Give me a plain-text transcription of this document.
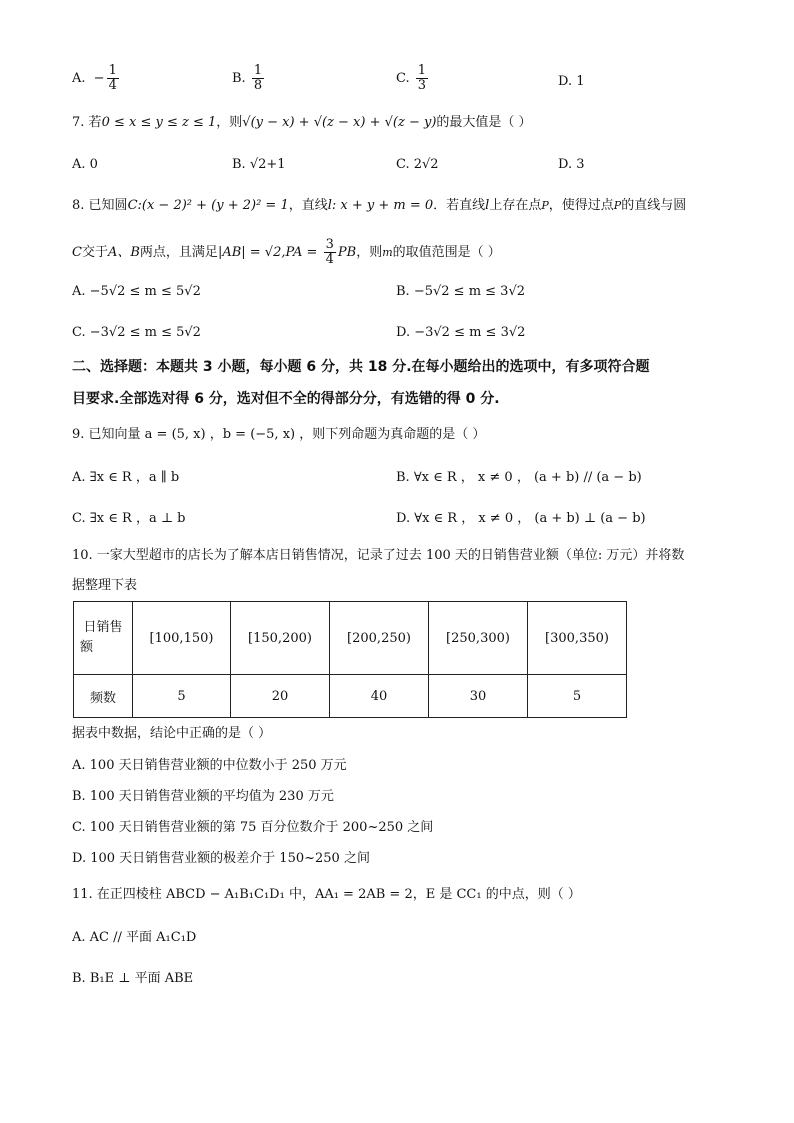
A. − $\frac{1}{4}$	B. $\frac{1}{8}$	C. $\frac{1}{3}$	D. 1
7. 若0 ≤ x ≤ y ≤ z ≤ 1，则√(y − x) + √(z − x) + √(z − y)的最大值是（ ）
A. 0	B. √2+1	C. 2√2	D. 3
8. 已知圆C:(x − 2)² + (y + 2)² = 1，直线l: x + y + m = 0．若直线l上存在点P，使得过点P的直线与圆
C交于A、B两点，且满足$|AB| = √2,PA = \frac{3}{4}$ PB，则m的取值范围是（ ）
A. −5√2 ≤ m ≤ 5√2	B. −5√2 ≤ m ≤ 3√2
C. −3√2 ≤ m ≤ 5√2	D. −3√2 ≤ m ≤ 3√2
二、选择题：本题共 3 小题，每小题 6 分，共 18 分.在每小题给出的选项中，有多项符合题
目要求.全部选对得 6 分，选对但不全的得部分分，有选错的得 0 分.
9. 已知向量 a = (5, x) ，b = (−5, x) ，则下列命题为真命题的是（ ）
A. ∃x ∈ R ，a ∥ b	B. ∀x ∈ R ， x ≠ 0 ， (a + b) // (a − b)
C. ∃x ∈ R ，a ⊥ b	D. ∀x ∈ R ， x ≠ 0 ， (a + b) ⊥ (a − b)
10. 一家大型超市的店长为了解本店日销售情况，记录了过去 100 天的日销售营业额（单位: 万元）并将数
据整理下表
日销售
额	[100,150)	[150,200)	[200,250)	[250,300)	[300,350)
频数	5	20	40	30	5
据表中数据，结论中正确的是（ ）
A. 100 天日销售营业额的中位数小于 250 万元
B. 100 天日销售营业额的平均值为 230 万元
C. 100 天日销售营业额的第 75 百分位数介于 200~250 之间
D. 100 天日销售营业额的极差介于 150~250 之间
11. 在正四棱柱 ABCD − A₁B₁C₁D₁ 中，AA₁ = 2AB = 2，E 是 CC₁ 的中点，则（ ）
A. AC // 平面 A₁C₁D
B. B₁E ⊥ 平面 ABE
